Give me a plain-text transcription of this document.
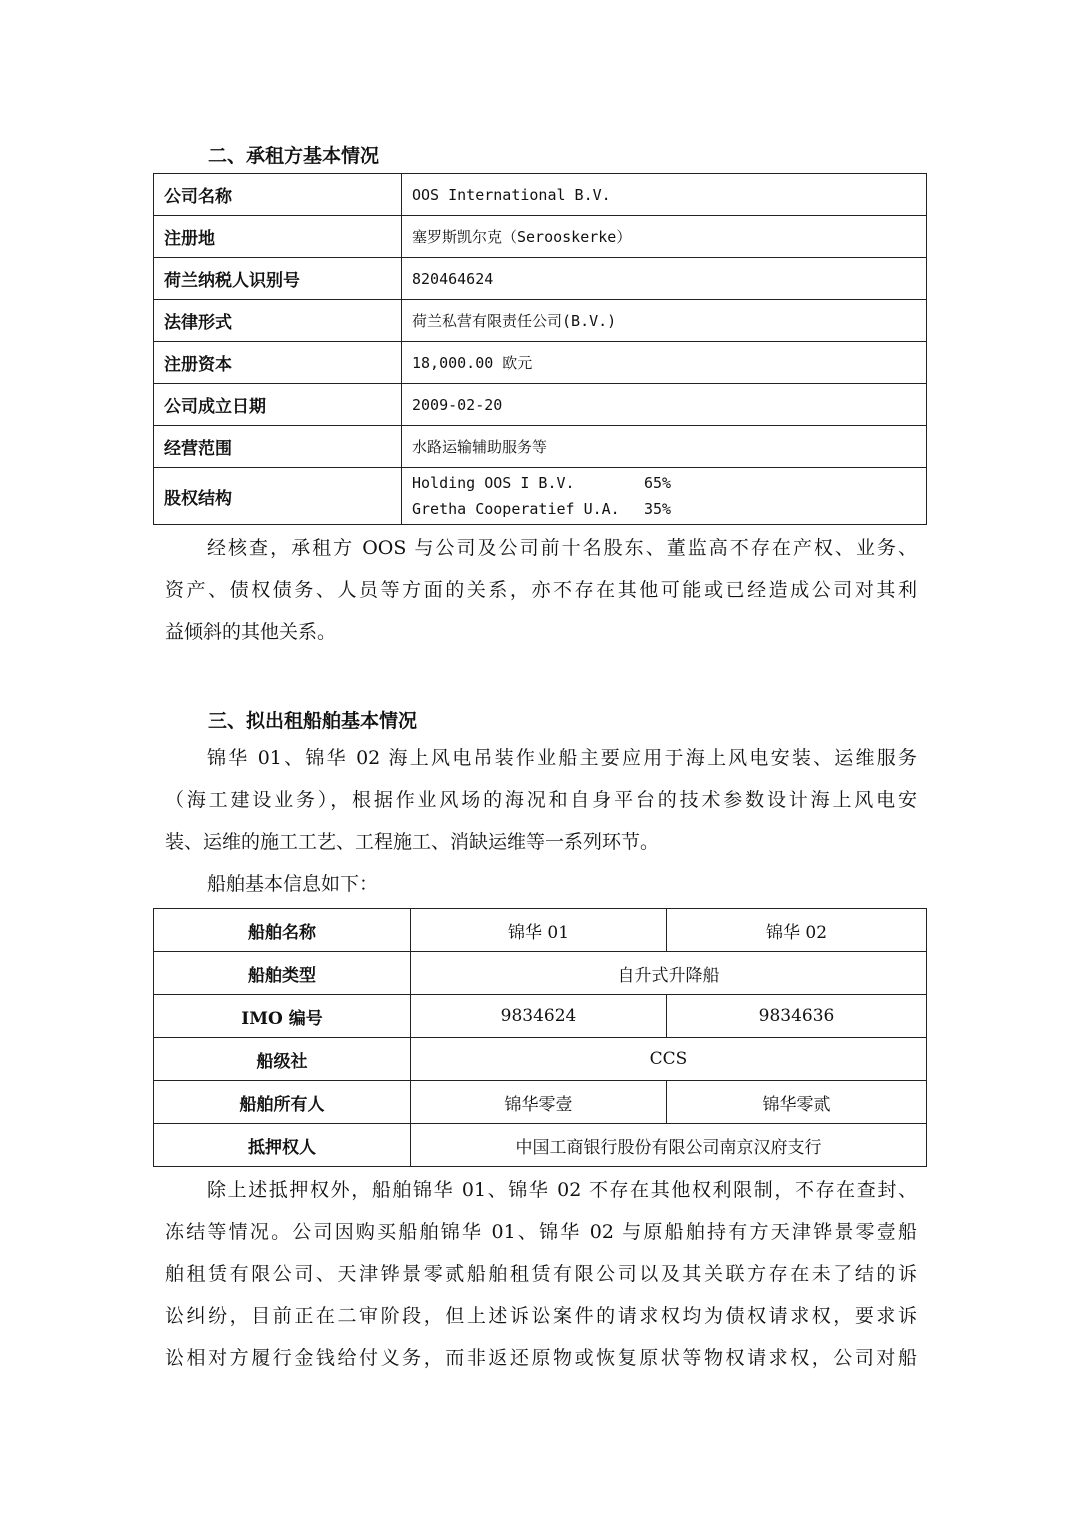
二、承租方基本情况
公司名称	OOS International B.V.
注册地	塞罗斯凯尔克（Serooskerke）
荷兰纳税人识别号	820464624
法律形式	荷兰私营有限责任公司(B.V.)
注册资本	18,000.00 欧元
公司成立日期	2009-02-20
经营范围	水路运输辅助服务等
股权结构	Holding OOS I B.V. 65%
Gretha Cooperatief U.A. 35%
经核查，承租方 OOS 与公司及公司前十名股东、董监高不存在产权、业务、
资产、债权债务、人员等方面的关系，亦不存在其他可能或已经造成公司对其利
益倾斜的其他关系。
三、拟出租船舶基本情况
锦华 01、锦华 02 海上风电吊装作业船主要应用于海上风电安装、运维服务
（海工建设业务），根据作业风场的海况和自身平台的技术参数设计海上风电安
装、运维的施工工艺、工程施工、消缺运维等一系列环节。
船舶基本信息如下：
船舶名称	锦华 01	锦华 02
船舶类型	自升式升降船	
IMO 编号	9834624	9834636
船级社	CCS	
船舶所有人	锦华零壹	锦华零贰
抵押权人	中国工商银行股份有限公司南京汉府支行	
除上述抵押权外，船舶锦华 01、锦华 02 不存在其他权利限制，不存在查封、
冻结等情况。公司因购买船舶锦华 01、锦华 02 与原船舶持有方天津铧景零壹船
舶租赁有限公司、天津铧景零贰船舶租赁有限公司以及其关联方存在未了结的诉
讼纠纷，目前正在二审阶段，但上述诉讼案件的请求权均为债权请求权，要求诉
讼相对方履行金钱给付义务，而非返还原物或恢复原状等物权请求权，公司对船
